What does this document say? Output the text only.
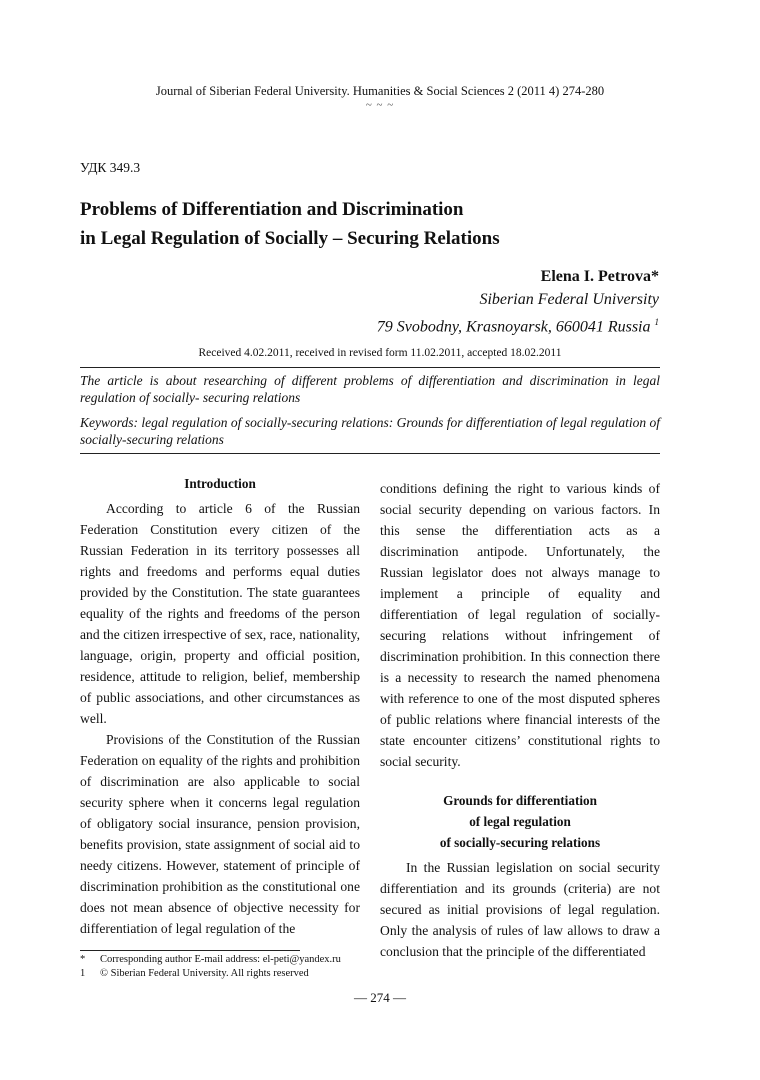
Journal of Siberian Federal University. Humanities & Social Sciences 2 (2011 4) 274-280
~ ~ ~
УДК 349.3
Problems of Differentiation and Discrimination
in Legal Regulation of Socially – Securing Relations
Elena I. Petrova*
Siberian Federal University
79 Svobodny, Krasnoyarsk, 660041 Russia $^1$
Received 4.02.2011, received in revised form 11.02.2011, accepted 18.02.2011
The article is about researching of different problems of differentiation and discrimination in legal regulation of socially- securing relations
Keywords: legal regulation of socially-securing relations: Grounds for differentiation of legal regulation of socially-securing relations
Introduction

According to article 6 of the Russian Federation Constitution every citizen of the Russian Federation in its territory possesses all rights and freedoms and performs equal duties provided by the Constitution. The state guarantees equality of the rights and freedoms of the person and the citizen irrespective of sex, race, nationality, language, origin, property and official position, residence, attitude to religion, belief, membership of public associations, and other circumstances as well.

Provisions of the Constitution of the Russian Federation on equality of the rights and prohibition of discrimination are also applicable to social security sphere when it concerns legal regulation of obligatory social insurance, pension provision, benefits provision, state assignment of social aid to needy citizens. However, statement of principle of discrimination prohibition as the constitutional one does not mean absence of objective necessity for differentiation of legal regulation of the

conditions defining the right to various kinds of social security depending on various factors. In this sense the differentiation acts as a discrimination antipode. Unfortunately, the Russian legislator does not always manage to implement a principle of equality and differentiation of legal regulation of socially-securing relations without infringement of discrimination prohibition. In this connection there is a necessity to research the named phenomena with reference to one of the most disputed spheres of public relations where financial interests of the state encounter citizens’ constitutional rights to social security.

Grounds for differentiation
of legal regulation
of socially-securing relations

In the Russian legislation on social security differentiation and its grounds (criteria) are not secured as initial provisions of legal regulation. Only the analysis of rules of law allows to draw a conclusion that the principle of the differentiated

*	Corresponding author E-mail address: el-peti@yandex.ru
1	© Siberian Federal University. All rights reserved
— 274 —
